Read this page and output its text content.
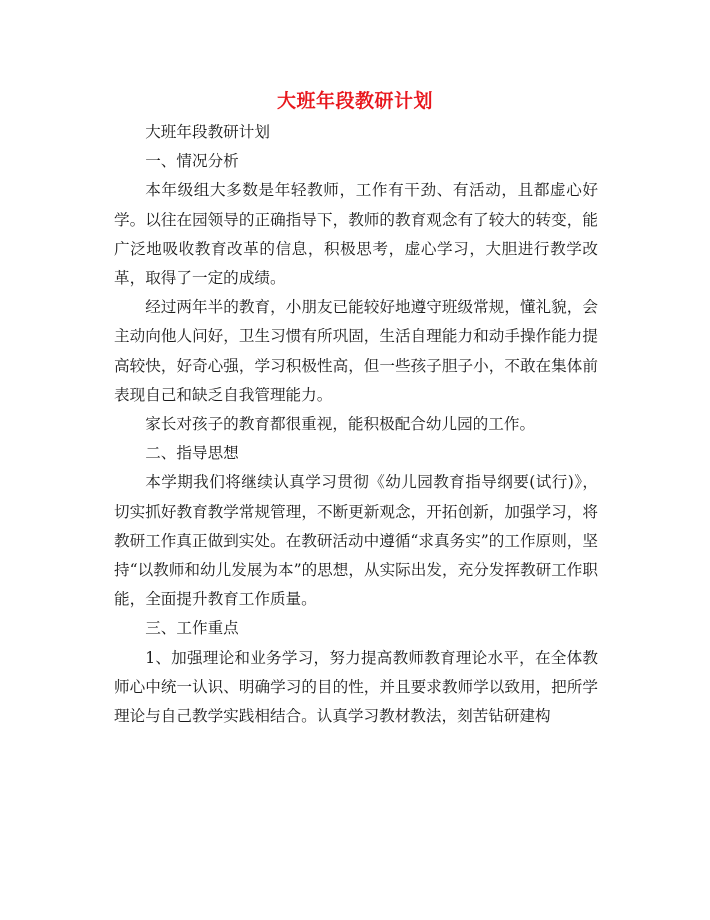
大班年段教研计划

大班年段教研计划

一、情况分析

本年级组大多数是年轻教师，工作有干劲、有活动，且都虚心好学。以往在园领导的正确指导下，教师的教育观念有了较大的转变，能广泛地吸收教育改革的信息，积极思考，虚心学习，大胆进行教学改革，取得了一定的成绩。

经过两年半的教育，小朋友已能较好地遵守班级常规，懂礼貌，会主动向他人问好，卫生习惯有所巩固，生活自理能力和动手操作能力提高较快，好奇心强，学习积极性高，但一些孩子胆子小，不敢在集体前表现自己和缺乏自我管理能力。

家长对孩子的教育都很重视，能积极配合幼儿园的工作。

二、指导思想

本学期我们将继续认真学习贯彻《幼儿园教育指导纲要(试行)》，切实抓好教育教学常规管理，不断更新观念，开拓创新，加强学习，将教研工作真正做到实处。在教研活动中遵循“求真务实”的工作原则，坚持“以教师和幼儿发展为本”的思想，从实际出发，充分发挥教研工作职能，全面提升教育工作质量。

三、工作重点

1、加强理论和业务学习，努力提高教师教育理论水平，在全体教师心中统一认识、明确学习的目的性，并且要求教师学以致用，把所学理论与自己教学实践相结合。认真学习教材教法，刻苦钻研建构
